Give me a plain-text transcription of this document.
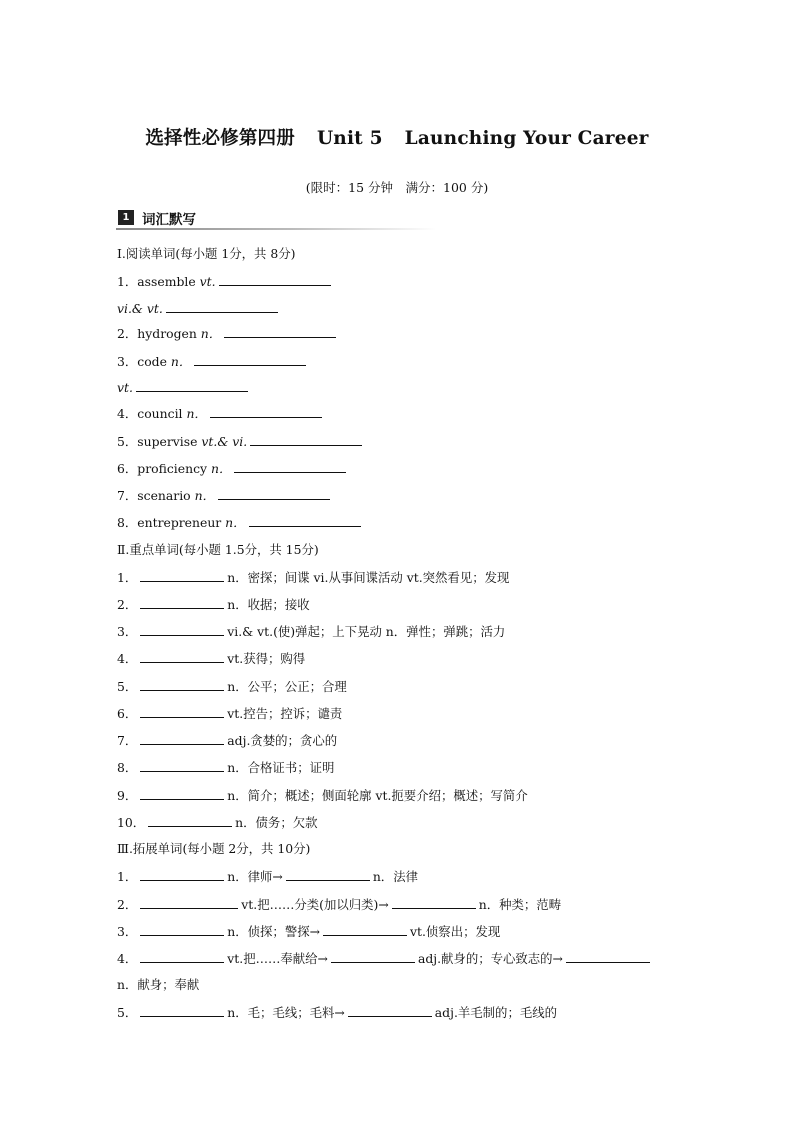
选择性必修第四册 Unit 5 Launching Your Career
(限时：15 分钟　满分：100 分)
1 词汇默写
Ⅰ.阅读单词(每小题 1分，共 8分)
1．assemble vt.
vi.& vt.
2．hydrogen n．
3．code n．
vt.
4．council n．
5．supervise vt.& vi.
6．proficiency n．
7．scenario n．
8．entrepreneur n．
Ⅱ.重点单词(每小题 1.5分，共 15分)
1．	n．密探；间谍 vi.从事间谍活动 vt.突然看见；发现
2．	n．收据；接收
3．	vi.& vt.(使)弹起；上下晃动 n．弹性；弹跳；活力
4．	vt.获得；购得
5．	n．公平；公正；合理
6．	vt.控告；控诉；谴责
7．	adj.贪婪的；贪心的
8．	n．合格证书；证明
9．	n．简介；概述；侧面轮廓 vt.扼要介绍；概述；写简介
10．	n．债务；欠款
Ⅲ.拓展单词(每小题 2分，共 10分)
1．	n．律师→	n．法律
2．	vt.把……分类(加以归类)→	n．种类；范畴
3．	n．侦探；警探→	vt.侦察出；发现
4．	vt.把……奉献给→	adj.献身的；专心致志的→
n．献身；奉献
5．	n．毛；毛线；毛料→	adj.羊毛制的；毛线的
